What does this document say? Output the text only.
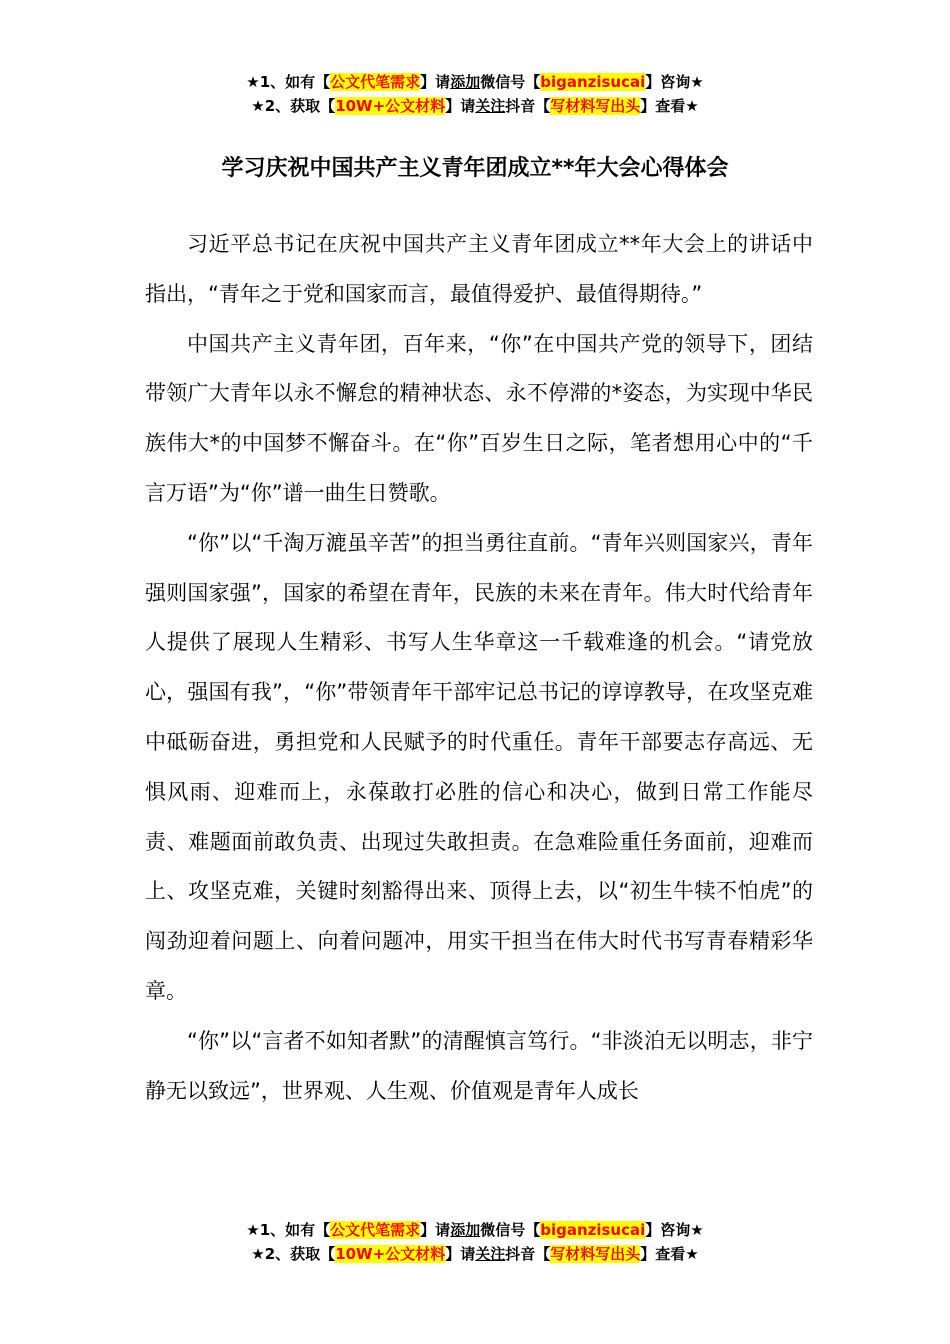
★1、如有【公文代笔需求】请添加微信号【biganzisucai】咨询★
★2、获取【10W+公文材料】请关注抖音【写材料写出头】查看★
学习庆祝中国共产主义青年团成立**年大会心得体会

习近平总书记在庆祝中国共产主义青年团成立**年大会上的讲话中指出，“青年之于党和国家而言，最值得爱护、最值得期待。”

中国共产主义青年团，百年来，“你”在中国共产党的领导下，团结带领广大青年以永不懈怠的精神状态、永不停滞的*姿态，为实现中华民族伟大*的中国梦不懈奋斗。在“你”百岁生日之际，笔者想用心中的“千言万语”为“你”谱一曲生日赞歌。

“你”以“千淘万漉虽辛苦”的担当勇往直前。“青年兴则国家兴，青年强则国家强”，国家的希望在青年，民族的未来在青年。伟大时代给青年人提供了展现人生精彩、书写人生华章这一千载难逢的机会。“请党放心，强国有我”，“你”带领青年干部牢记总书记的谆谆教导，在攻坚克难中砥砺奋进，勇担党和人民赋予的时代重任。青年干部要志存高远、无惧风雨、迎难而上，永葆敢打必胜的信心和决心，做到日常工作能尽责、难题面前敢负责、出现过失敢担责。在急难险重任务面前，迎难而上、攻坚克难，关键时刻豁得出来、顶得上去，以“初生牛犊不怕虎”的闯劲迎着问题上、向着问题冲，用实干担当在伟大时代书写青春精彩华章。

“你”以“言者不如知者默”的清醒慎言笃行。“非淡泊无以明志，非宁静无以致远”，世界观、人生观、价值观是青年人成长

★1、如有【公文代笔需求】请添加微信号【biganzisucai】咨询★
★2、获取【10W+公文材料】请关注抖音【写材料写出头】查看★
